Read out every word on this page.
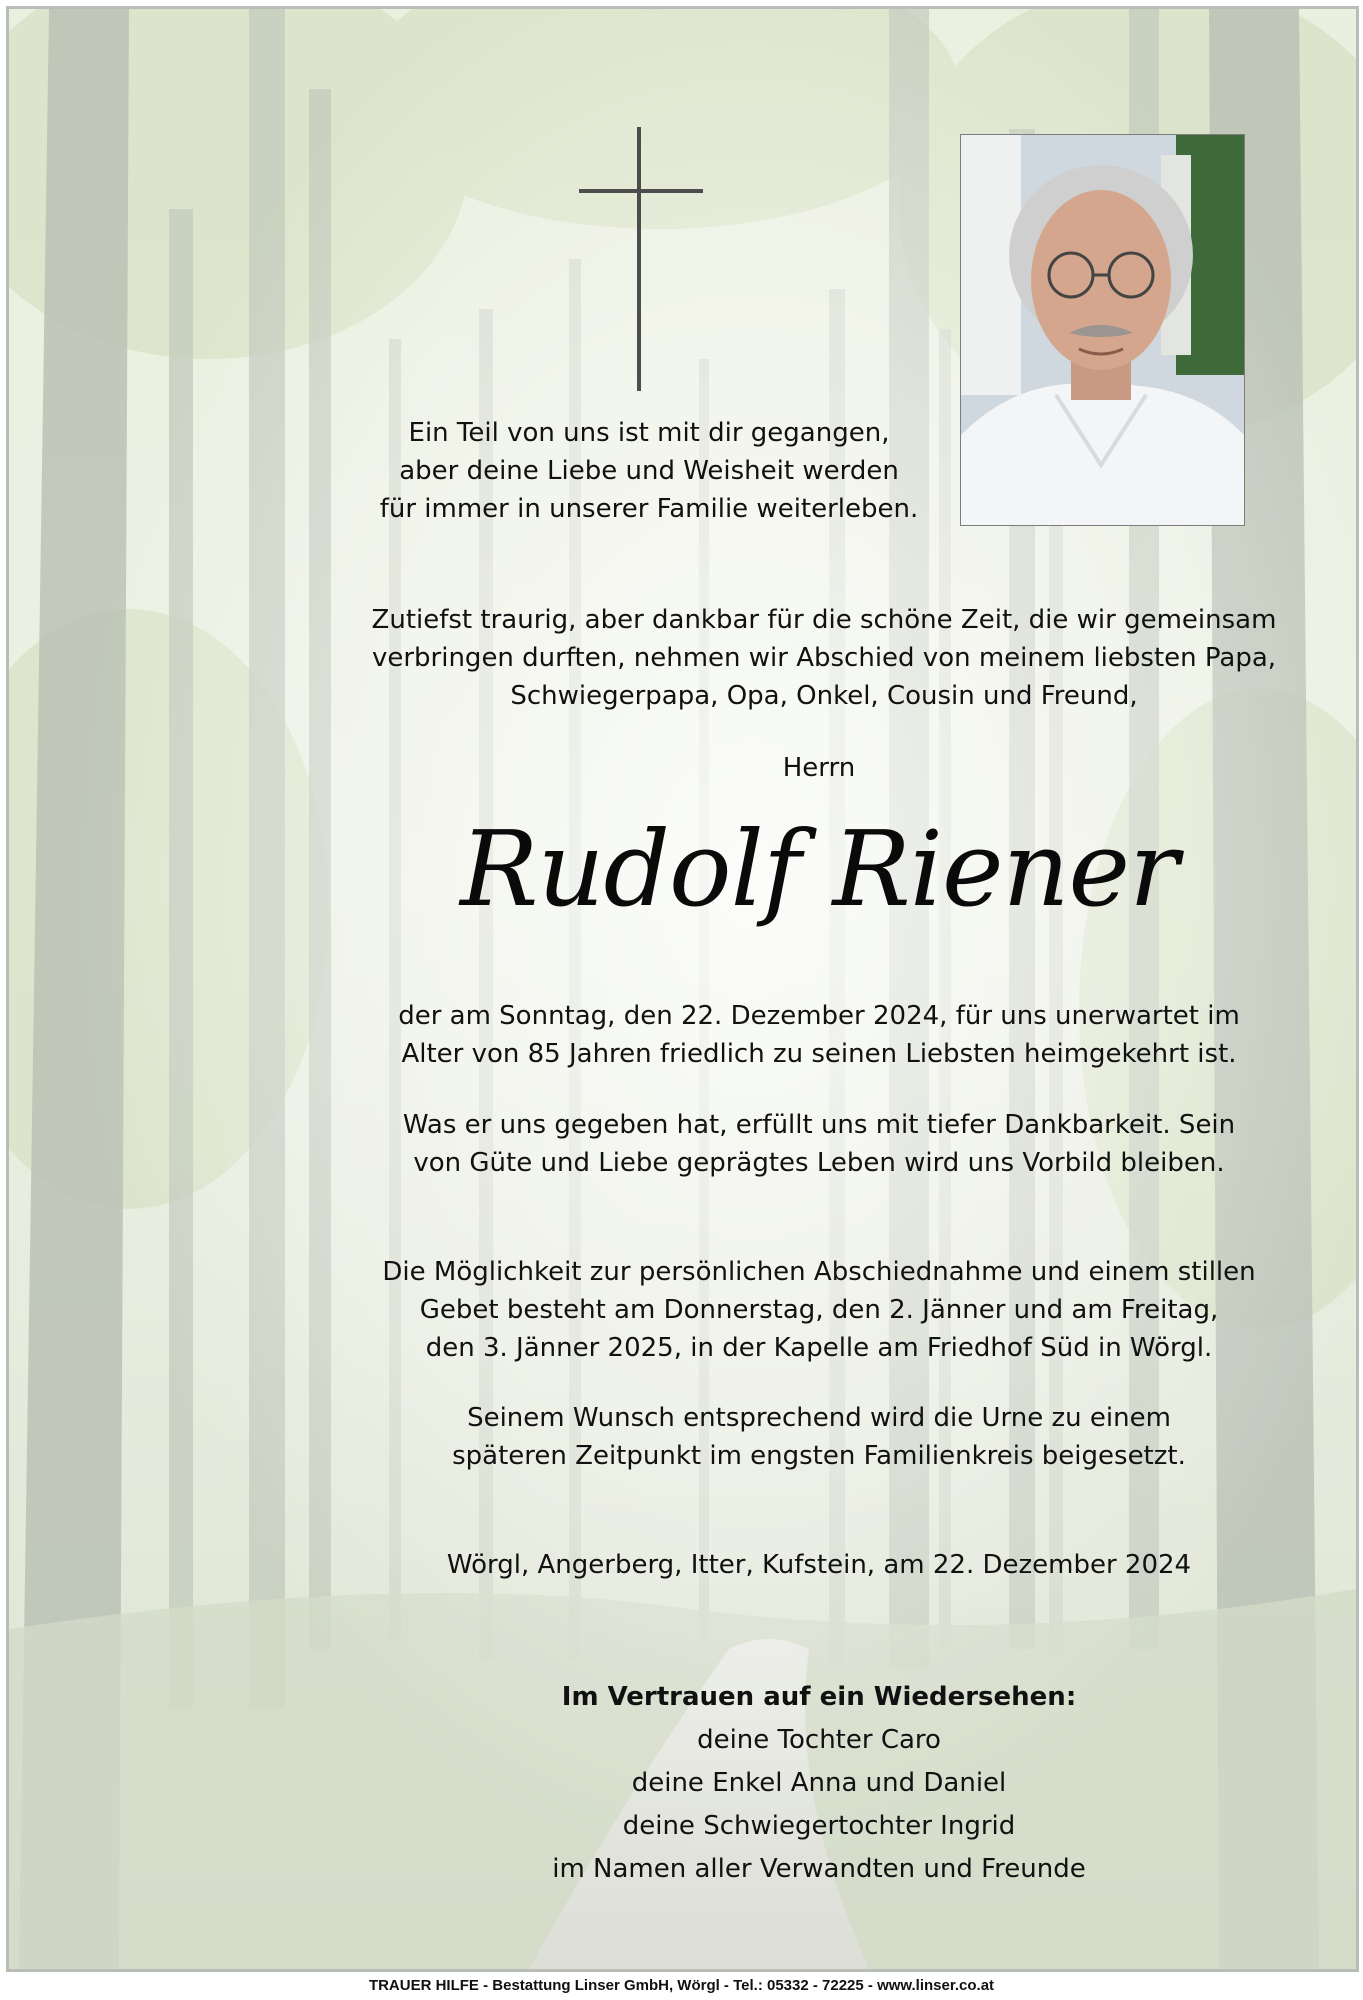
Ein Teil von uns ist mit dir gegangen,
aber deine Liebe und Weisheit werden
für immer in unserer Familie weiterleben.
Zutiefst traurig, aber dankbar für die schöne Zeit, die wir gemeinsam
verbringen durften, nehmen wir Abschied von meinem liebsten Papa,
Schwiegerpapa, Opa, Onkel, Cousin und Freund,
Herrn
Rudolf Riener
der am Sonntag, den 22. Dezember 2024, für uns unerwartet im
Alter von 85 Jahren friedlich zu seinen Liebsten heimgekehrt ist.
Was er uns gegeben hat, erfüllt uns mit tiefer Dankbarkeit. Sein
von Güte und Liebe geprägtes Leben wird uns Vorbild bleiben.
Die Möglichkeit zur persönlichen Abschiednahme und einem stillen
Gebet besteht am Donnerstag, den 2. Jänner und am Freitag,
den 3. Jänner 2025, in der Kapelle am Friedhof Süd in Wörgl.
Seinem Wunsch entsprechend wird die Urne zu einem
späteren Zeitpunkt im engsten Familienkreis beigesetzt.
Wörgl, Angerberg, Itter, Kufstein, am 22. Dezember 2024
Im Vertrauen auf ein Wiedersehen:
deine Tochter Caro
deine Enkel Anna und Daniel
deine Schwiegertochter Ingrid
im Namen aller Verwandten und Freunde
TRAUER HILFE - Bestattung Linser GmbH, Wörgl - Tel.: 05332 - 72225 - www.linser.co.at
